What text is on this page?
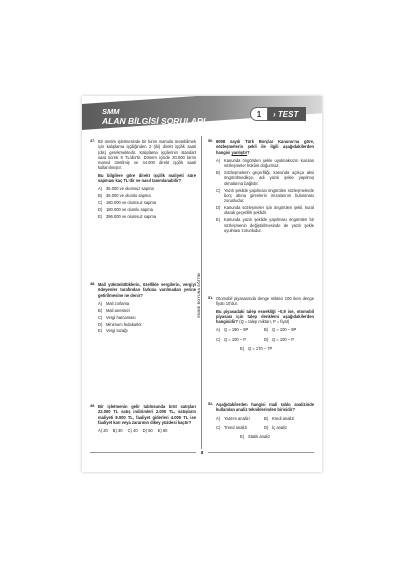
SMM
ALAN BİLGİSİ SORULARI
1	›
TEST
ENINE BOYUNA EĞİTİM
47. Bir üretim işletmesinde bir birim mamulü üretebilmek için kalıplama işçiliğinden 2 (iki) direkt işçilik saati (dis) gerekmektedir. Kalıplama işçilerinin standart saat ücreti 9 TL/dis'tir. Dönem içinde 20.000 birim mamul üretilmiş ve 44.000 direkt işçilik saati kullanılmıştır.
Bu bilgilere göre direkt işçilik maliyeti süre sapması kaç TL'dir ve nasıl tanımlanabilir?
A) 36.000 ve olumsuz sapma
B) 36.000 ve olumlu sapma
C) 180.000 ve olumsuz sapma
D) 180.000 ve olumlu sapma
E) 396.000 ve olumsuz sapma
48. Mali yükümlülüklerin, özellikle vergilerin, vergiyi ödeyenler tarafından farkına varılmadan yerine getirilmesine ne denir?
A) Mali zorlama
B) Mali anestezi
C) Vergi harcaması
D) Minimum fedakarlık
E) Vergi tuzağı
49. Bir işletmenin gelir tablosunda brüt satışları 22.000 TL satış indirimleri 2.000 TL, satışların maliyeti 8.000 TL, faaliyet giderleri 4.000 TL ise faaliyet karı veya zararının dikey yüzdesi kaçtır?
A)
20 B)
30 C)
40 D)
50 E)
60
50. 6098 sayılı Türk Borçlar Kanunu'na göre, sözleşmelerin şekli ile ilgili aşağıdakilerden hangisi yanlıştır?
A) Kanunda öngörülen şekle uyulmaksızın kurulan sözleşmeler hükûm doğurmaz.
B) Sözleşmelerin geçerliliği, kanunda açıkça aksi öngörülmedikçe, adi yazılı şekle yapılmış olmalarına bağlıdır.
C) Yazılı şekilde yapılması öngörülen sözleşmelerde borç altına girenlerin imzalarının bulunması zorunludur.
D) Kanunda sözleşmeler için öngörülen şekil, kural olarak geçerlilik şeklidir.
E) Kanunda yazılı şekilde yapılması öngörülen bir sözleşmenin değiştirilmesinde de yazılı şekle uyulması zorunludur.
51. Otomobil piyasasında denge miktarı 100 iken denge fiyatı 10'dur.
Bu piyasadaki talep esnekliği –0,9 ise, otomobil piyasası için talep denklemi aşağıdakilerden hangisidir? (Q = talep miktarı, P = fiyat)
A) Q = 190 – 9P	B) Q = 100 – 9P
C) Q = 100 – P	D) Q = 100 – P
E) Q = 170 – 7P
52. Aşağıdakilerden hangisi mali tablo analizinde kullanılan analiz tekniklerinden birisidir?
A) Yatırım analizi	B) Kredi analizi
C) Trend analizi	D) İç analiz
E) Statik analiz
8
